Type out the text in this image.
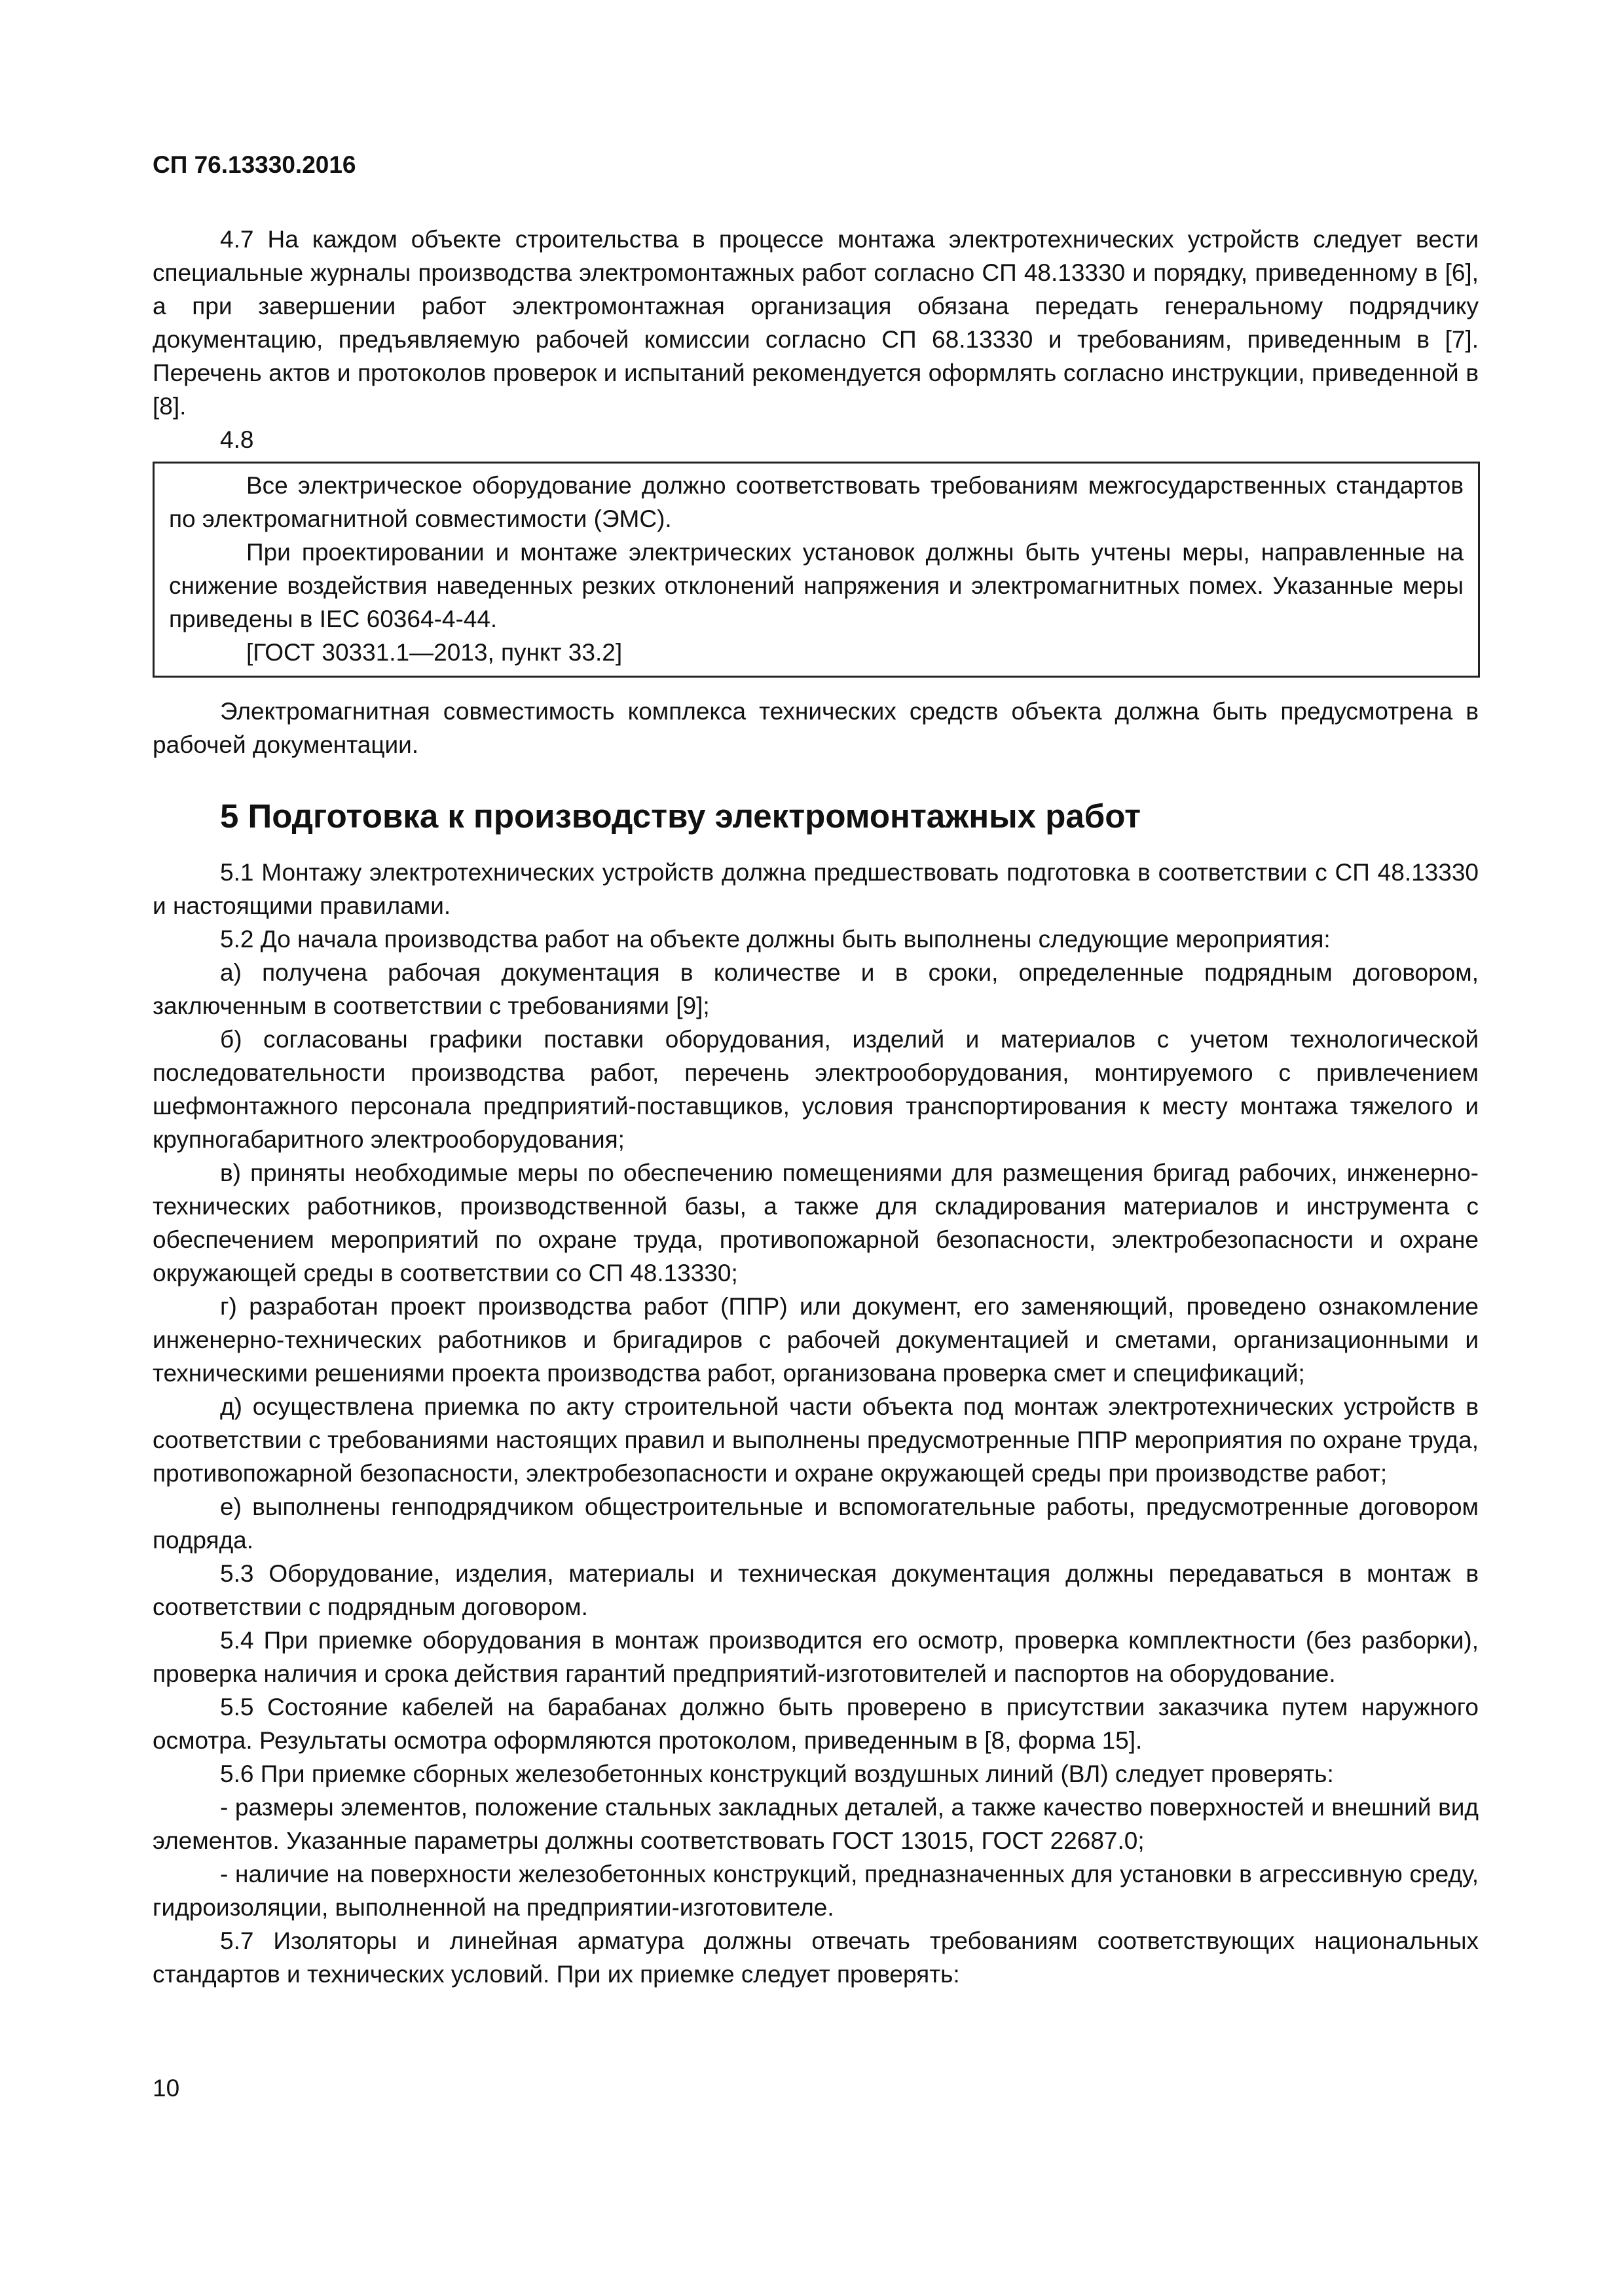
СП 76.13330.2016

4.7 На каждом объекте строительства в процессе монтажа электротехнических устройств следует вести специальные журналы производства электромонтажных работ согласно СП 48.13330 и порядку, приведенному в [6], а при завершении работ электромонтажная организация обязана передать генеральному подрядчику документацию, предъявляемую рабочей комиссии согласно СП 68.13330 и требованиям, приведенным в [7]. Перечень актов и протоколов проверок и испытаний рекомендуется оформлять согласно инструкции, приведенной в [8].

4.8

Все электрическое оборудование должно соответствовать требованиям межгосударственных стандартов по электромагнитной совместимости (ЭМС).

При проектировании и монтаже электрических установок должны быть учтены меры, направленные на снижение воздействия наведенных резких отклонений напряжения и электромагнитных помех. Указанные меры приведены в IEC 60364-4-44.

[ГОСТ 30331.1—2013, пункт 33.2]

Электромагнитная совместимость комплекса технических средств объекта должна быть предусмотрена в рабочей документации.

5 Подготовка к производству электромонтажных работ

5.1 Монтажу электротехнических устройств должна предшествовать подготовка в соответствии с СП 48.13330 и настоящими правилами.

5.2 До начала производства работ на объекте должны быть выполнены следующие мероприятия:

а) получена рабочая документация в количестве и в сроки, определенные подрядным договором, заключенным в соответствии с требованиями [9];

б) согласованы графики поставки оборудования, изделий и материалов с учетом технологической последовательности производства работ, перечень электрооборудования, монтируемого с привлечением шефмонтажного персонала предприятий-поставщиков, условия транспортирования к месту монтажа тяжелого и крупногабаритного электрооборудования;

в) приняты необходимые меры по обеспечению помещениями для размещения бригад рабочих, инженерно-технических работников, производственной базы, а также для складирования материалов и инструмента с обеспечением мероприятий по охране труда, противопожарной безопасности, электробезопасности и охране окружающей среды в соответствии со СП 48.13330;

г) разработан проект производства работ (ППР) или документ, его заменяющий, проведено ознакомление инженерно-технических работников и бригадиров с рабочей документацией и сметами, организационными и техническими решениями проекта производства работ, организована проверка смет и спецификаций;

д) осуществлена приемка по акту строительной части объекта под монтаж электротехнических устройств в соответствии с требованиями настоящих правил и выполнены предусмотренные ППР мероприятия по охране труда, противопожарной безопасности, электробезопасности и охране окружающей среды при производстве работ;

е) выполнены генподрядчиком общестроительные и вспомогательные работы, предусмотренные договором подряда.

5.3 Оборудование, изделия, материалы и техническая документация должны передаваться в монтаж в соответствии с подрядным договором.

5.4 При приемке оборудования в монтаж производится его осмотр, проверка комплектности (без разборки), проверка наличия и срока действия гарантий предприятий-изготовителей и паспортов на оборудование.

5.5 Состояние кабелей на барабанах должно быть проверено в присутствии заказчика путем наружного осмотра. Результаты осмотра оформляются протоколом, приведенным в [8, форма 15].

5.6 При приемке сборных железобетонных конструкций воздушных линий (ВЛ) следует проверять:

- размеры элементов, положение стальных закладных деталей, а также качество поверхностей и внешний вид элементов. Указанные параметры должны соответствовать ГОСТ 13015, ГОСТ 22687.0;

- наличие на поверхности железобетонных конструкций, предназначенных для установки в агрессивную среду, гидроизоляции, выполненной на предприятии-изготовителе.

5.7 Изоляторы и линейная арматура должны отвечать требованиям соответствующих национальных стандартов и технических условий. При их приемке следует проверять:

10
